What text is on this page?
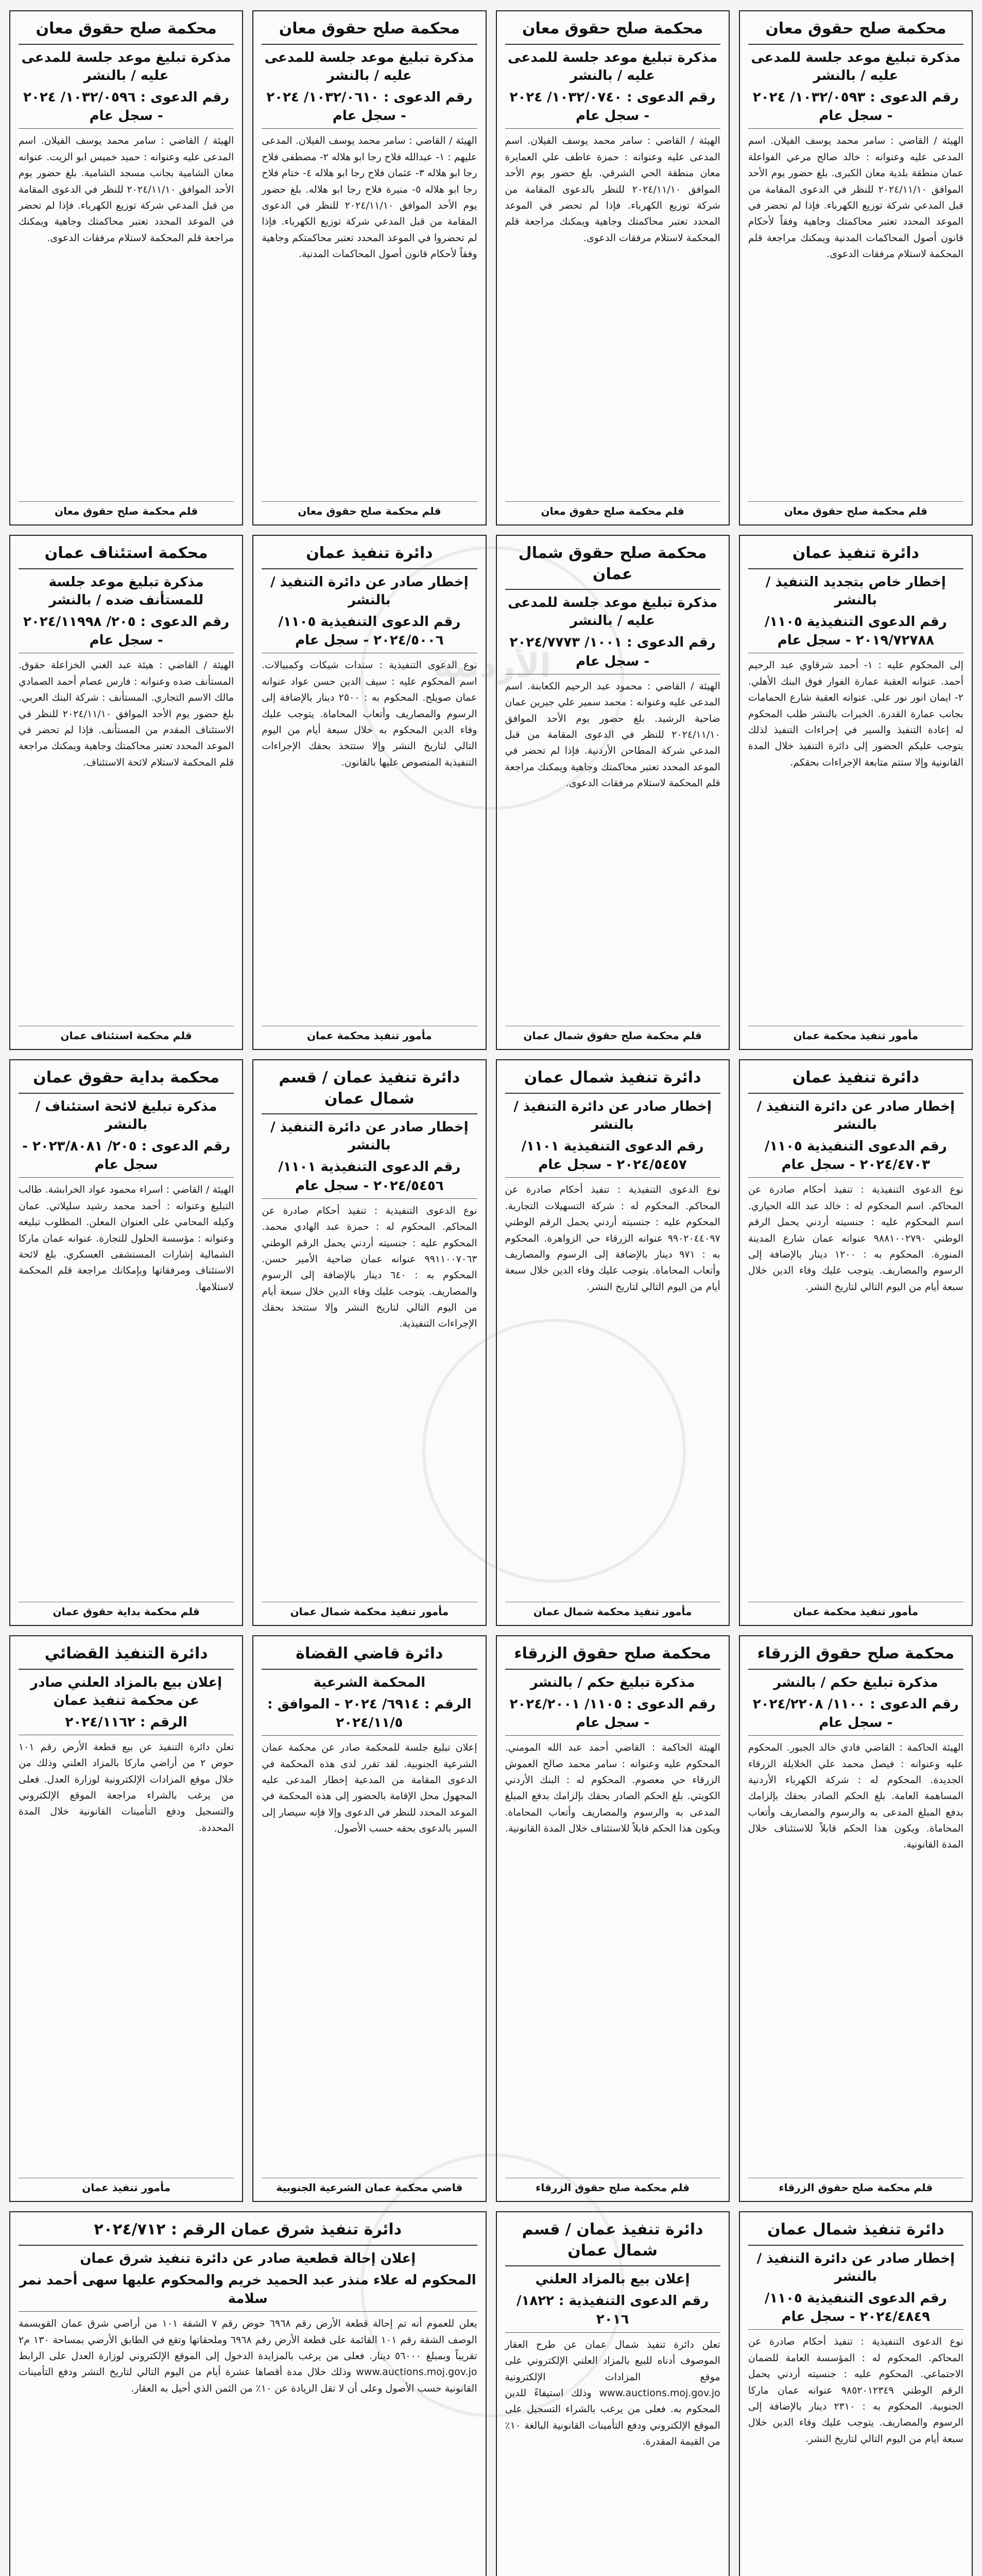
محكمة صلح حقوق معان
مذكرة تبليغ موعد جلسة للمدعى عليه / بالنشر
رقم الدعوى : ١٠٣٢/٠٥٩٣/ ٢٠٢٤ - سجل عام
الهيئة / القاضي : سامر محمد يوسف الفيلان. اسم المدعى عليه وعنوانه : خالد صالح مرعي الفواعلة عمان منطقة بلدية معان الكبرى. بلغ حضور يوم الأحد الموافق ٢٠٢٤/١١/١٠ للنظر في الدعوى المقامة من قبل المدعي شركة توزيع الكهرباء. فإذا لم تحضر في الموعد المحدد تعتبر محاكمتك وجاهية وفقاً لأحكام قانون أصول المحاكمات المدنية ويمكنك مراجعة قلم المحكمة لاستلام مرفقات الدعوى.
قلم محكمة صلح حقوق معان
محكمة صلح حقوق معان
مذكرة تبليغ موعد جلسة للمدعى عليه / بالنشر
رقم الدعوى : ١٠٣٢/٠٧٤٠/ ٢٠٢٤ - سجل عام
الهيئة / القاضي : سامر محمد يوسف الفيلان. اسم المدعى عليه وعنوانه : حمزة عاطف علي العمايرة معان منطقة الحي الشرقي. بلغ حضور يوم الأحد الموافق ٢٠٢٤/١١/١٠ للنظر بالدعوى المقامة من شركة توزيع الكهرباء. فإذا لم تحضر في الموعد المحدد تعتبر محاكمتك وجاهية ويمكنك مراجعة قلم المحكمة لاستلام مرفقات الدعوى.
قلم محكمة صلح حقوق معان
محكمة صلح حقوق معان
مذكرة تبليغ موعد جلسة للمدعى عليه / بالنشر
رقم الدعوى : ١٠٣٢/٠٦١٠/ ٢٠٢٤ - سجل عام
الهيئة / القاضي : سامر محمد يوسف الفيلان. المدعى عليهم : ١- عبدالله فلاح رجا ابو هلاله ٢- مصطفى فلاح رجا ابو هلاله ٣- عثمان فلاح رجا ابو هلاله ٤- ختام فلاح رجا ابو هلاله ٥- منيرة فلاح رجا ابو هلاله. بلغ حضور يوم الأحد الموافق ٢٠٢٤/١١/١٠ للنظر في الدعوى المقامة من قبل المدعي شركة توزيع الكهرباء. فإذا لم تحضروا في الموعد المحدد تعتبر محاكمتكم وجاهية وفقاً لأحكام قانون أصول المحاكمات المدنية.
قلم محكمة صلح حقوق معان
محكمة صلح حقوق معان
مذكرة تبليغ موعد جلسة للمدعى عليه / بالنشر
رقم الدعوى : ١٠٣٢/٠٥٩٦/ ٢٠٢٤ - سجل عام
الهيئة / القاضي : سامر محمد يوسف الفيلان. اسم المدعى عليه وعنوانه : حميد خميس ابو الزيت. عنوانه معان الشامية بجانب مسجد الشامية. بلغ حضور يوم الأحد الموافق ٢٠٢٤/١١/١٠ للنظر في الدعوى المقامة من قبل المدعي شركة توزيع الكهرباء. فإذا لم تحضر في الموعد المحدد تعتبر محاكمتك وجاهية ويمكنك مراجعة قلم المحكمة لاستلام مرفقات الدعوى.
قلم محكمة صلح حقوق معان
دائرة تنفيذ عمان
إخطار خاص بتجديد التنفيذ / بالنشر
رقم الدعوى التنفيذية ١١٠٥/ ٢٠١٩/٧٢٧٨٨ - سجل عام
إلى المحكوم عليه : ١- أحمد شرقاوي عبد الرحيم أحمد. عنوانه العقبة عمارة الفوار فوق البنك الأهلي. ٢- ايمان انور نور علي. عنوانه العقبة شارع الحمامات بجانب عمارة القدرة. الخبرات بالنشر طلب المحكوم له إعادة التنفيذ والسير في إجراءات التنفيذ لذلك يتوجب عليكم الحضور إلى دائرة التنفيذ خلال المدة القانونية وإلا ستتم متابعة الإجراءات بحقكم.
مأمور تنفيذ محكمة عمان
محكمة صلح حقوق شمال عمان
مذكرة تبليغ موعد جلسة للمدعى عليه / بالنشر
رقم الدعوى : ١٠٠١/ ٢٠٢٤/٧٧٧٣ - سجل عام
الهيئة / القاضي : محمود عبد الرحيم الكعابنة. اسم المدعى عليه وعنوانه : محمد سمير علي جبرين عمان ضاحية الرشيد. بلغ حضور يوم الأحد الموافق ٢٠٢٤/١١/١٠ للنظر في الدعوى المقامة من قبل المدعي شركة المطاحن الأردنية. فإذا لم تحضر في الموعد المحدد تعتبر محاكمتك وجاهية ويمكنك مراجعة قلم المحكمة لاستلام مرفقات الدعوى.
قلم محكمة صلح حقوق شمال عمان
دائرة تنفيذ عمان
إخطار صادر عن دائرة التنفيذ / بالنشر
رقم الدعوى التنفيذية ١١٠٥/ ٢٠٢٤/٥٠٠٦ - سجل عام
نوع الدعوى التنفيذية : سندات شيكات وكمبيالات. اسم المحكوم عليه : سيف الدين حسن عواد عنوانه عمان صويلح. المحكوم به : ٢٥٠٠ دينار بالإضافة إلى الرسوم والمصاريف وأتعاب المحاماة. يتوجب عليك وفاء الدين المحكوم به خلال سبعة أيام من اليوم التالي لتاريخ النشر وإلا ستتخذ بحقك الإجراءات التنفيذية المنصوص عليها بالقانون.
مأمور تنفيذ محكمة عمان
محكمة استئناف عمان
مذكرة تبليغ موعد جلسة للمستأنف ضده / بالنشر
رقم الدعوى : ٢٠٥/ ٢٠٢٤/١١٩٩٨ - سجل عام
الهيئة / القاضي : هيئة عبد الغني الخزاعلة حقوق. المستأنف ضده وعنوانه : فارس عصام أحمد الصمادي مالك الاسم التجاري. المستأنف : شركة البنك العربي. بلغ حضور يوم الأحد الموافق ٢٠٢٤/١١/١٠ للنظر في الاستئناف المقدم من المستأنف. فإذا لم تحضر في الموعد المحدد تعتبر محاكمتك وجاهية ويمكنك مراجعة قلم المحكمة لاستلام لائحة الاستئناف.
قلم محكمة استئناف عمان
دائرة تنفيذ عمان
إخطار صادر عن دائرة التنفيذ / بالنشر
رقم الدعوى التنفيذية ١١٠٥/ ٢٠٢٤/٤٧٠٣ - سجل عام
نوع الدعوى التنفيذية : تنفيذ أحكام صادرة عن المحاكم. اسم المحكوم له : خالد عبد الله الحياري. اسم المحكوم عليه : جنسيته أردني يحمل الرقم الوطني ٩٨٨١٠٠٢٧٩٠ عنوانه عمان شارع المدينة المنورة. المحكوم به : ١٢٠٠ دينار بالإضافة إلى الرسوم والمصاريف. يتوجب عليك وفاء الدين خلال سبعة أيام من اليوم التالي لتاريخ النشر.
مأمور تنفيذ محكمة عمان
دائرة تنفيذ شمال عمان
إخطار صادر عن دائرة التنفيذ / بالنشر
رقم الدعوى التنفيذية ١١٠١/ ٢٠٢٤/٥٤٥٧ - سجل عام
نوع الدعوى التنفيذية : تنفيذ أحكام صادرة عن المحاكم. المحكوم له : شركة التسهيلات التجارية. المحكوم عليه : جنسيته أردني يحمل الرقم الوطني ٩٩٠٢٠٤٤٠٩٧ عنوانه الزرقاء حي الزواهرة. المحكوم به : ٩٧١ دينار بالإضافة إلى الرسوم والمصاريف وأتعاب المحاماة. يتوجب عليك وفاء الدين خلال سبعة أيام من اليوم التالي لتاريخ النشر.
مأمور تنفيذ محكمة شمال عمان
دائرة تنفيذ عمان / قسم شمال عمان
إخطار صادر عن دائرة التنفيذ / بالنشر
رقم الدعوى التنفيذية ١١٠١/ ٢٠٢٤/٥٤٥٦ - سجل عام
نوع الدعوى التنفيذية : تنفيذ أحكام صادرة عن المحاكم. المحكوم له : حمزة عبد الهادي محمد. المحكوم عليه : جنسيته أردني يحمل الرقم الوطني ٩٩١١٠٠٧٠٦٣ عنوانه عمان ضاحية الأمير حسن. المحكوم به : ٦٤٠ دينار بالإضافة إلى الرسوم والمصاريف. يتوجب عليك وفاء الدين خلال سبعة أيام من اليوم التالي لتاريخ النشر وإلا ستتخذ بحقك الإجراءات التنفيذية.
مأمور تنفيذ محكمة شمال عمان
محكمة بداية حقوق عمان
مذكرة تبليغ لائحة استئناف / بالنشر
رقم الدعوى : ٢٠٥/ ٢٠٢٣/٨٠٨١ - سجل عام
الهيئة / القاضي : اسراء محمود عواد الخرابشة. طالب التبليغ وعنوانه : أحمد محمد رشيد سليلاتي. عمان وكيله المحامي على العنوان المعلن. المطلوب تبليغه وعنوانه : مؤسسة الحلول للتجارة. عنوانه عمان ماركا الشمالية إشارات المستشفى العسكري. بلغ لائحة الاستئناف ومرفقاتها وبإمكانك مراجعة قلم المحكمة لاستلامها.
قلم محكمة بداية حقوق عمان
محكمة صلح حقوق الزرقاء
مذكرة تبليغ حكم / بالنشر
رقم الدعوى : ١١٠٠/ ٢٠٢٤/٢٢٠٨ - سجل عام
الهيئة الحاكمة : القاضي فادي خالد الجبور. المحكوم عليه وعنوانه : فيصل محمد علي الخلايلة الزرقاء الجديدة. المحكوم له : شركة الكهرباء الأردنية المساهمة العامة. بلغ الحكم الصادر بحقك بإلزامك بدفع المبلغ المدعى به والرسوم والمصاريف وأتعاب المحاماة. ويكون هذا الحكم قابلاً للاستئناف خلال المدة القانونية.
قلم محكمة صلح حقوق الزرقاء
محكمة صلح حقوق الزرقاء
مذكرة تبليغ حكم / بالنشر
رقم الدعوى : ١١٠٥/ ٢٠٢٤/٢٠٠١ - سجل عام
الهيئة الحاكمة : القاضي أحمد عبد الله المومني. المحكوم عليه وعنوانه : سامر محمد صالح العموش الزرقاء حي معصوم. المحكوم له : البنك الأردني الكويتي. بلغ الحكم الصادر بحقك بإلزامك بدفع المبلغ المدعى به والرسوم والمصاريف وأتعاب المحاماة. ويكون هذا الحكم قابلاً للاستئناف خلال المدة القانونية.
قلم محكمة صلح حقوق الزرقاء
دائرة قاضي القضاة
المحكمة الشرعية
الرقم : ٦٩١٤/ ٢٠٢٤ - الموافق : ٢٠٢٤/١١/٥
إعلان تبليغ جلسة للمحكمة صادر عن محكمة عمان الشرعية الجنوبية. لقد تقرر لدى هذه المحكمة في الدعوى المقامة من المدعية إخطار المدعى عليه المجهول محل الإقامة بالحضور إلى هذه المحكمة في الموعد المحدد للنظر في الدعوى وإلا فإنه سيصار إلى السير بالدعوى بحقه حسب الأصول.
قاضي محكمة عمان الشرعية الجنوبية
دائرة التنفيذ القضائي
إعلان بيع بالمزاد العلني صادر عن محكمة تنفيذ عمان
الرقم : ٢٠٢٤/١١٦٢
تعلن دائرة التنفيذ عن بيع قطعة الأرض رقم ١٠١ حوض ٢ من أراضي ماركا بالمزاد العلني وذلك من خلال موقع المزادات الإلكترونية لوزارة العدل. فعلى من يرغب بالشراء مراجعة الموقع الإلكتروني والتسجيل ودفع التأمينات القانونية خلال المدة المحددة.
مأمور تنفيذ عمان
دائرة تنفيذ شمال عمان
إخطار صادر عن دائرة التنفيذ / بالنشر
رقم الدعوى التنفيذية ١١٠٥/ ٢٠٢٤/٤٨٤٩ - سجل عام
نوع الدعوى التنفيذية : تنفيذ أحكام صادرة عن المحاكم. المحكوم له : المؤسسة العامة للضمان الاجتماعي. المحكوم عليه : جنسيته أردني يحمل الرقم الوطني ٩٨٥٢٠١٢٣٤٩ عنوانه عمان ماركا الجنوبية. المحكوم به : ٢٣١٠ دينار بالإضافة إلى الرسوم والمصاريف. يتوجب عليك وفاء الدين خلال سبعة أيام من اليوم التالي لتاريخ النشر.
دائرة تنفيذ عمان / قسم شمال عمان
إعلان بيع بالمزاد العلني
رقم الدعوى التنفيذية : ١٨٢٢/ ٢٠١٦
تعلن دائرة تنفيذ شمال عمان عن طرح العقار الموصوف أدناه للبيع بالمزاد العلني الإلكتروني على موقع المزادات الإلكترونية www.auctions.moj.gov.jo وذلك استيفاءً للدين المحكوم به. فعلى من يرغب بالشراء التسجيل على الموقع الإلكتروني ودفع التأمينات القانونية البالغة ١٠٪ من القيمة المقدرة.
دائرة تنفيذ شرق عمان الرقم : ٢٠٢٤/٧١٢
إعلان إحالة قطعية صادر عن دائرة تنفيذ شرق عمان
المحكوم له علاء منذر عبد الحميد خريم والمحكوم عليها سهى أحمد نمر سلامة
يعلن للعموم أنه تم إحالة قطعة الأرض رقم ٦٩٦٨ حوض رقم ٧ الشقة ١٠١ من أراضي شرق عمان القويسمة الوصف الشقة رقم ١٠١ القائمة على قطعة الأرض رقم ٦٩٦٨ وملحقاتها وتقع في الطابق الأرضي بمساحة ١٣٠ م٢ تقريباً وبمبلغ ٥٦٠٠٠ دينار. فعلى من يرغب بالمزايدة الدخول إلى الموقع الإلكتروني لوزارة العدل على الرابط www.auctions.moj.gov.jo وذلك خلال مدة أقصاها عشرة أيام من اليوم التالي لتاريخ النشر ودفع التأمينات القانونية حسب الأصول وعلى أن لا تقل الزيادة عن ١٠٪ من الثمن الذي أحيل به العقار.
الأردنية
